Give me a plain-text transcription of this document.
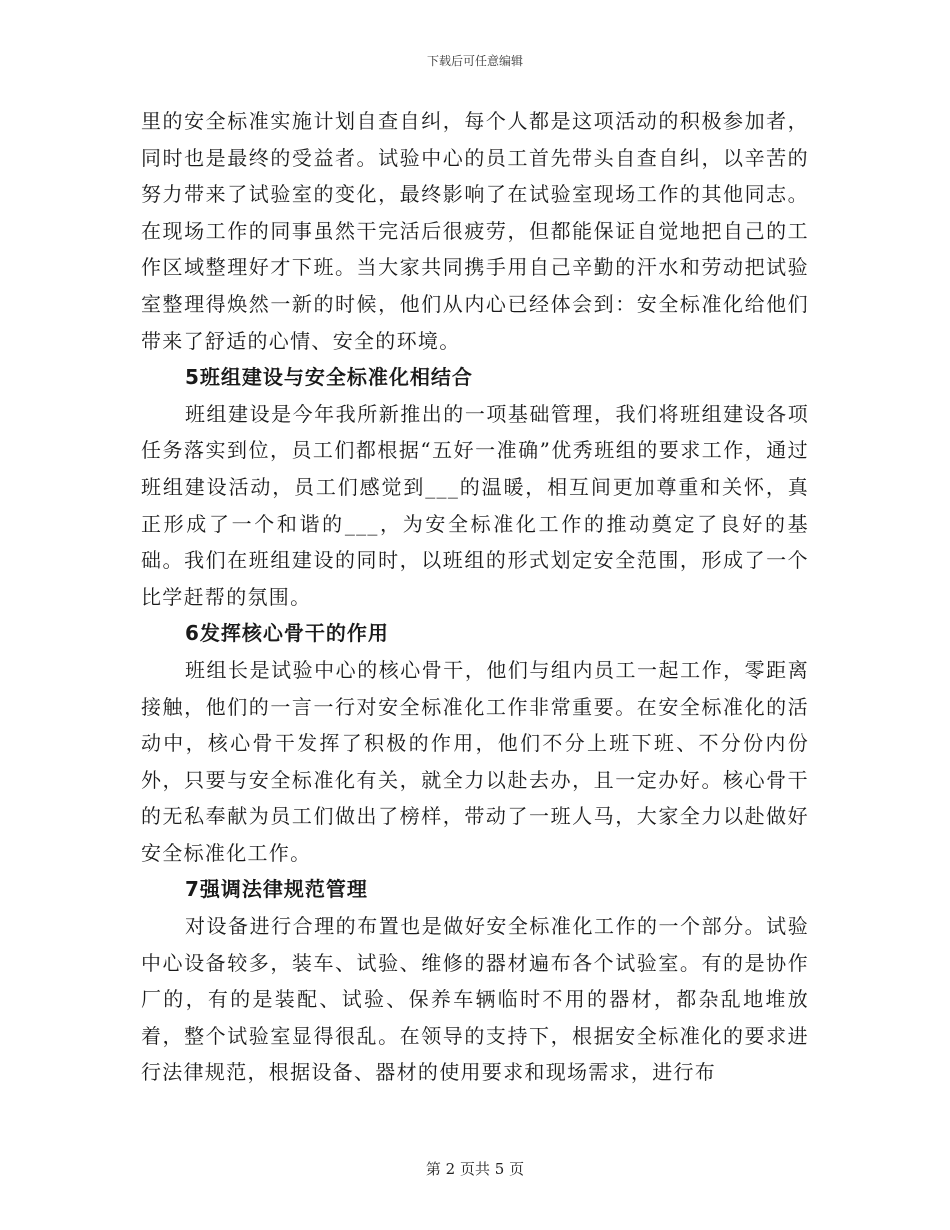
下载后可任意编辑

里的安全标准实施计划自查自纠，每个人都是这项活动的积极参加者，同时也是最终的受益者。试验中心的员工首先带头自查自纠，以辛苦的努力带来了试验室的变化，最终影响了在试验室现场工作的其他同志。在现场工作的同事虽然干完活后很疲劳，但都能保证自觉地把自己的工作区域整理好才下班。当大家共同携手用自己辛勤的汗水和劳动把试验室整理得焕然一新的时候，他们从内心已经体会到：安全标准化给他们带来了舒适的心情、安全的环境。

5班组建设与安全标准化相结合

班组建设是今年我所新推出的一项基础管理，我们将班组建设各项任务落实到位，员工们都根据“五好一准确”优秀班组的要求工作，通过班组建设活动，员工们感觉到___的温暖，相互间更加尊重和关怀，真正形成了一个和谐的___，为安全标准化工作的推动奠定了良好的基础。我们在班组建设的同时，以班组的形式划定安全范围，形成了一个比学赶帮的氛围。

6发挥核心骨干的作用

班组长是试验中心的核心骨干，他们与组内员工一起工作，零距离接触，他们的一言一行对安全标准化工作非常重要。在安全标准化的活动中，核心骨干发挥了积极的作用，他们不分上班下班、不分份内份外，只要与安全标准化有关，就全力以赴去办，且一定办好。核心骨干的无私奉献为员工们做出了榜样，带动了一班人马，大家全力以赴做好安全标准化工作。

7强调法律规范管理

对设备进行合理的布置也是做好安全标准化工作的一个部分。试验中心设备较多，装车、试验、维修的器材遍布各个试验室。有的是协作厂的，有的是装配、试验、保养车辆临时不用的器材，都杂乱地堆放着，整个试验室显得很乱。在领导的支持下，根据安全标准化的要求进行法律规范，根据设备、器材的使用要求和现场需求，进行布

第 2 页共 5 页
